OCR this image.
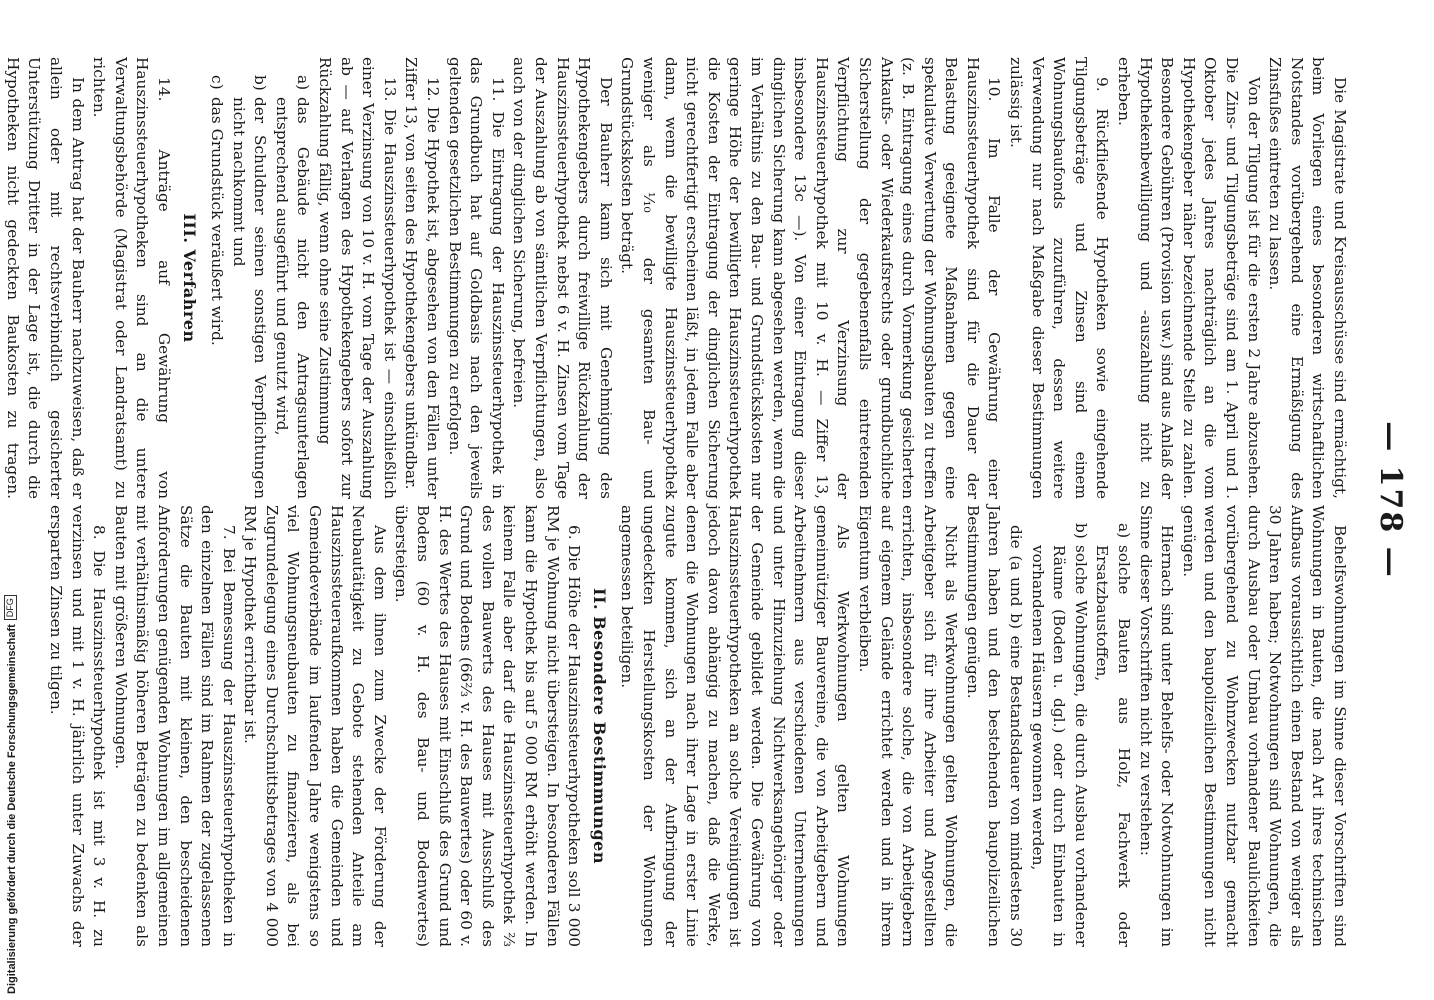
— 178 —

Die Magistrate und Kreisausschüsse sind ermächtigt, beim Vorliegen eines besonderen wirtschaftlichen Notstandes vorübergehend eine Ermäßigung des Zinsfußes eintreten zu lassen.

Von der Tilgung ist für die ersten 2 Jahre abzusehen. Die Zins- und Tilgungsbeträge sind am 1. April und 1. Oktober jedes Jahres nachträglich an die vom Hypothekengeber näher bezeichnende Stelle zu zahlen. Besondere Gebühren (Provision usw.) sind aus Anlaß der Hypothekenbewilligung und -auszahlung nicht zu erheben.

9. Rückfließende Hypotheken sowie eingehende Tilgungsbeträge und Zinsen sind einem Wohnungsbaufonds zuzuführen, dessen weitere Verwendung nur nach Maßgabe dieser Bestimmungen zulässig ist.

10. Im Falle der Gewährung einer Hauszinssteuerhypothek sind für die Dauer der Belastung geeignete Maßnahmen gegen eine spekulative Verwertung der Wohnungsbauten zu treffen (z. B. Eintragung eines durch Vormerkung gesicherten Ankaufs- oder Wiederkaufsrechts oder grundbuchliche Sicherstellung der gegebenenfalls eintretenden Verpflichtung zur Verzinsung der Hauszinssteuerhypothek mit 10 v. H. — Ziffer 13, insbesondere 13c —). Von einer Eintragung dieser dinglichen Sicherung kann abgesehen werden, wenn die im Verhältnis zu den Bau- und Grundstückskosten nur geringe Höhe der bewilligten Hauszinssteuerhypothek die Kosten der Eintragung der dinglichen Sicherung nicht gerechtfertigt erscheinen läßt, in jedem Falle aber dann, wenn die bewilligte Hauszinssteuerhypothek weniger als ⅒ der gesamten Bau- und Grundstückskosten beträgt.

Der Bauherr kann sich mit Genehmigung des Hypothekengebers durch freiwillige Rückzahlung der Hauszinssteuerhypothek nebst 6 v. H. Zinsen vom Tage der Auszahlung ab von sämtlichen Verpflichtungen, also auch von der dinglichen Sicherung, befreien.

11. Die Eintragung der Hauszinssteuerhypothek in das Grundbuch hat auf Goldbasis nach den jeweils geltenden gesetzlichen Bestimmungen zu erfolgen.

12. Die Hypothek ist, abgesehen von den Fällen unter Ziffer 13, von seiten des Hypothekengebers unkündbar.

13. Die Hauszinssteuerhypothek ist — einschließlich einer Verzinsung von 10 v. H. vom Tage der Auszahlung ab — auf Verlangen des Hypothekengebers sofort zur Rückzahlung fällig, wenn ohne seine Zustimmung

a)
das Gebäude nicht den Antragsunterlagen entsprechend ausgeführt und genutzt wird,

b)
der Schuldner seinen sonstigen Verpflichtungen nicht nachkommt und

c)
das Grundstück veräußert wird.

III. Verfahren

14. Anträge auf Gewährung von Hauszinssteuerhypotheken sind an die untere Verwaltungsbehörde (Magistrat oder Landratsamt) zu richten.

In dem Antrag hat der Bauherr nachzuweisen, daß er allein oder mit rechtsverbindlich gesicherter Unterstützung Dritter in der Lage ist, die durch die Hypotheken nicht gedeckten Baukosten zu tragen.

Behelfswohnungen im Sinne dieser Vorschriften sind Wohnungen in Bauten, die nach Art ihres technischen Aufbaus voraussichtlich einen Bestand von weniger als 30 Jahren haben; Notwohnungen sind Wohnungen, die durch Ausbau oder Umbau vorhandener Baulichkeiten vorübergehend zu Wohnzwecken nutzbar gemacht werden und den baupolizeilichen Bestimmungen nicht genügen.

Hiernach sind unter Behelfs- oder Notwohnungen im Sinne dieser Vorschriften nicht zu verstehen:

a)
solche Bauten aus Holz, Fachwerk oder Ersatzbaustoffen,

b)
solche Wohnungen, die durch Ausbau vorhandener Räume (Boden u. dgl.) oder durch Einbauten in vorhandenen Häusern gewonnen werden,

die (a und b) eine Bestandsdauer von mindestens 30 Jahren haben und den bestehenden baupolizeilichen Bestimmungen genügen.

Nicht als Werkwohnungen gelten Wohnungen, die Arbeitgeber sich für ihre Arbeiter und Angestellten errichten, insbesondere solche, die von Arbeitgebern auf eigenem Gelände errichtet werden und in ihrem Eigentum verbleiben.

Als Werkwohnungen gelten Wohnungen gemeinnütziger Bauvereine, die von Arbeitgebern und Arbeitnehmern aus verschiedenen Unternehmungen und unter Hinzuziehung Nichtwerksangehöriger oder der Gemeinde gebildet werden. Die Gewährung von Hauszinssteuerhypotheken an solche Vereinigungen ist jedoch davon abhängig zu machen, daß die Werke, denen die Wohnungen nach ihrer Lage in erster Linie zugute kommen, sich an der Aufbringung der ungedeckten Herstellungskosten der Wohnungen angemessen beteiligen.

II. Besondere Bestimmungen

6. Die Höhe der Hauszinssteuerhypotheken soll 3 000 RM je Wohnung nicht übersteigen. In besonderen Fällen kann die Hypothek bis auf 5 000 RM erhöht werden. In keinem Falle aber darf die Hauszinssteuerhypothek ⅔ des vollen Bauwerts des Hauses mit Ausschluß des Grund und Bodens (66⅔ v. H. des Bauwertes) oder 60 v. H. des Wertes des Hauses mit Einschluß des Grund und Bodens (60 v. H. des Bau- und Bodenwertes) übersteigen.

Aus dem ihnen zum Zwecke der Förderung der Neubautätigkeit zu Gebote stehenden Anteile am Hauszinssteueraufkommen haben die Gemeinden und Gemeindeverbände im laufenden Jahre wenigstens so viel Wohnungsneubauten zu finanzieren, als bei Zugrundelegung eines Durchschnittsbetrages von 4 000 RM je Hypothek errichtbar ist.

7. Bei Bemessung der Hauszinssteuerhypotheken in den einzelnen Fällen sind im Rahmen der zugelassenen Sätze die Bauten mit kleinen, den bescheidenen Anforderungen genügenden Wohnungen im allgemeinen mit verhältnismäßig höheren Beträgen zu bedenken als Bauten mit größeren Wohnungen.

8. Die Hauszinssteuerhypothek ist mit 3 v. H. zu verzinsen und mit 1 v. H. jährlich unter Zuwachs der ersparten Zinsen zu tilgen.

Digitalisierung gefördert durch die Deutsche ForschungsgemeinschaftDFG
